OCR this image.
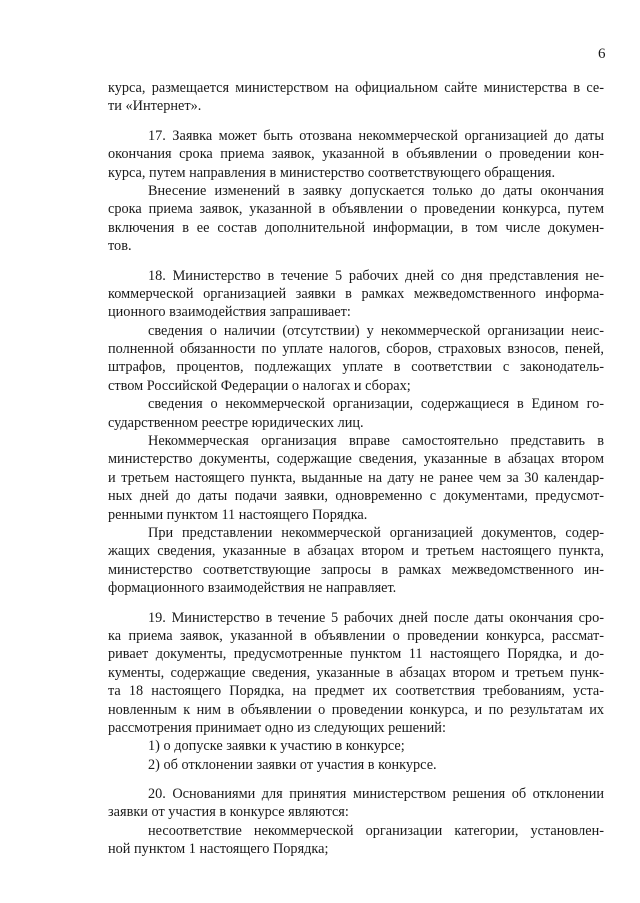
6
курса, размещается министерством на официальном сайте министерства в се-
ти «Интернет».
17. Заявка может быть отозвана некоммерческой организацией до даты
окончания срока приема заявок, указанной в объявлении о проведении кон-
курса, путем направления в министерство соответствующего обращения.
Внесение изменений в заявку допускается только до даты окончания
срока приема заявок, указанной в объявлении о проведении конкурса, путем
включения в ее состав дополнительной информации, в том числе докумен-
тов.
18. Министерство в течение 5 рабочих дней со дня представления не-
коммерческой организацией заявки в рамках межведомственного информа-
ционного взаимодействия запрашивает:
сведения о наличии (отсутствии) у некоммерческой организации неис-
полненной обязанности по уплате налогов, сборов, страховых взносов, пеней,
штрафов, процентов, подлежащих уплате в соответствии с законодатель-
ством Российской Федерации о налогах и сборах;
сведения о некоммерческой организации, содержащиеся в Едином го-
сударственном реестре юридических лиц.
Некоммерческая организация вправе самостоятельно представить в
министерство документы, содержащие сведения, указанные в абзацах втором
и третьем настоящего пункта, выданные на дату не ранее чем за 30 календар-
ных дней до даты подачи заявки, одновременно с документами, предусмот-
ренными пунктом 11 настоящего Порядка.
При представлении некоммерческой организацией документов, содер-
жащих сведения, указанные в абзацах втором и третьем настоящего пункта,
министерство соответствующие запросы в рамках межведомственного ин-
формационного взаимодействия не направляет.
19. Министерство в течение 5 рабочих дней после даты окончания сро-
ка приема заявок, указанной в объявлении о проведении конкурса, рассмат-
ривает документы, предусмотренные пунктом 11 настоящего Порядка, и до-
кументы, содержащие сведения, указанные в абзацах втором и третьем пунк-
та 18 настоящего Порядка, на предмет их соответствия требованиям, уста-
новленным к ним в объявлении о проведении конкурса, и по результатам их
рассмотрения принимает одно из следующих решений:
1) о допуске заявки к участию в конкурсе;
2) об отклонении заявки от участия в конкурсе.
20. Основаниями для принятия министерством решения об отклонении
заявки от участия в конкурсе являются:
несоответствие некоммерческой организации категории, установлен-
ной пунктом 1 настоящего Порядка;
